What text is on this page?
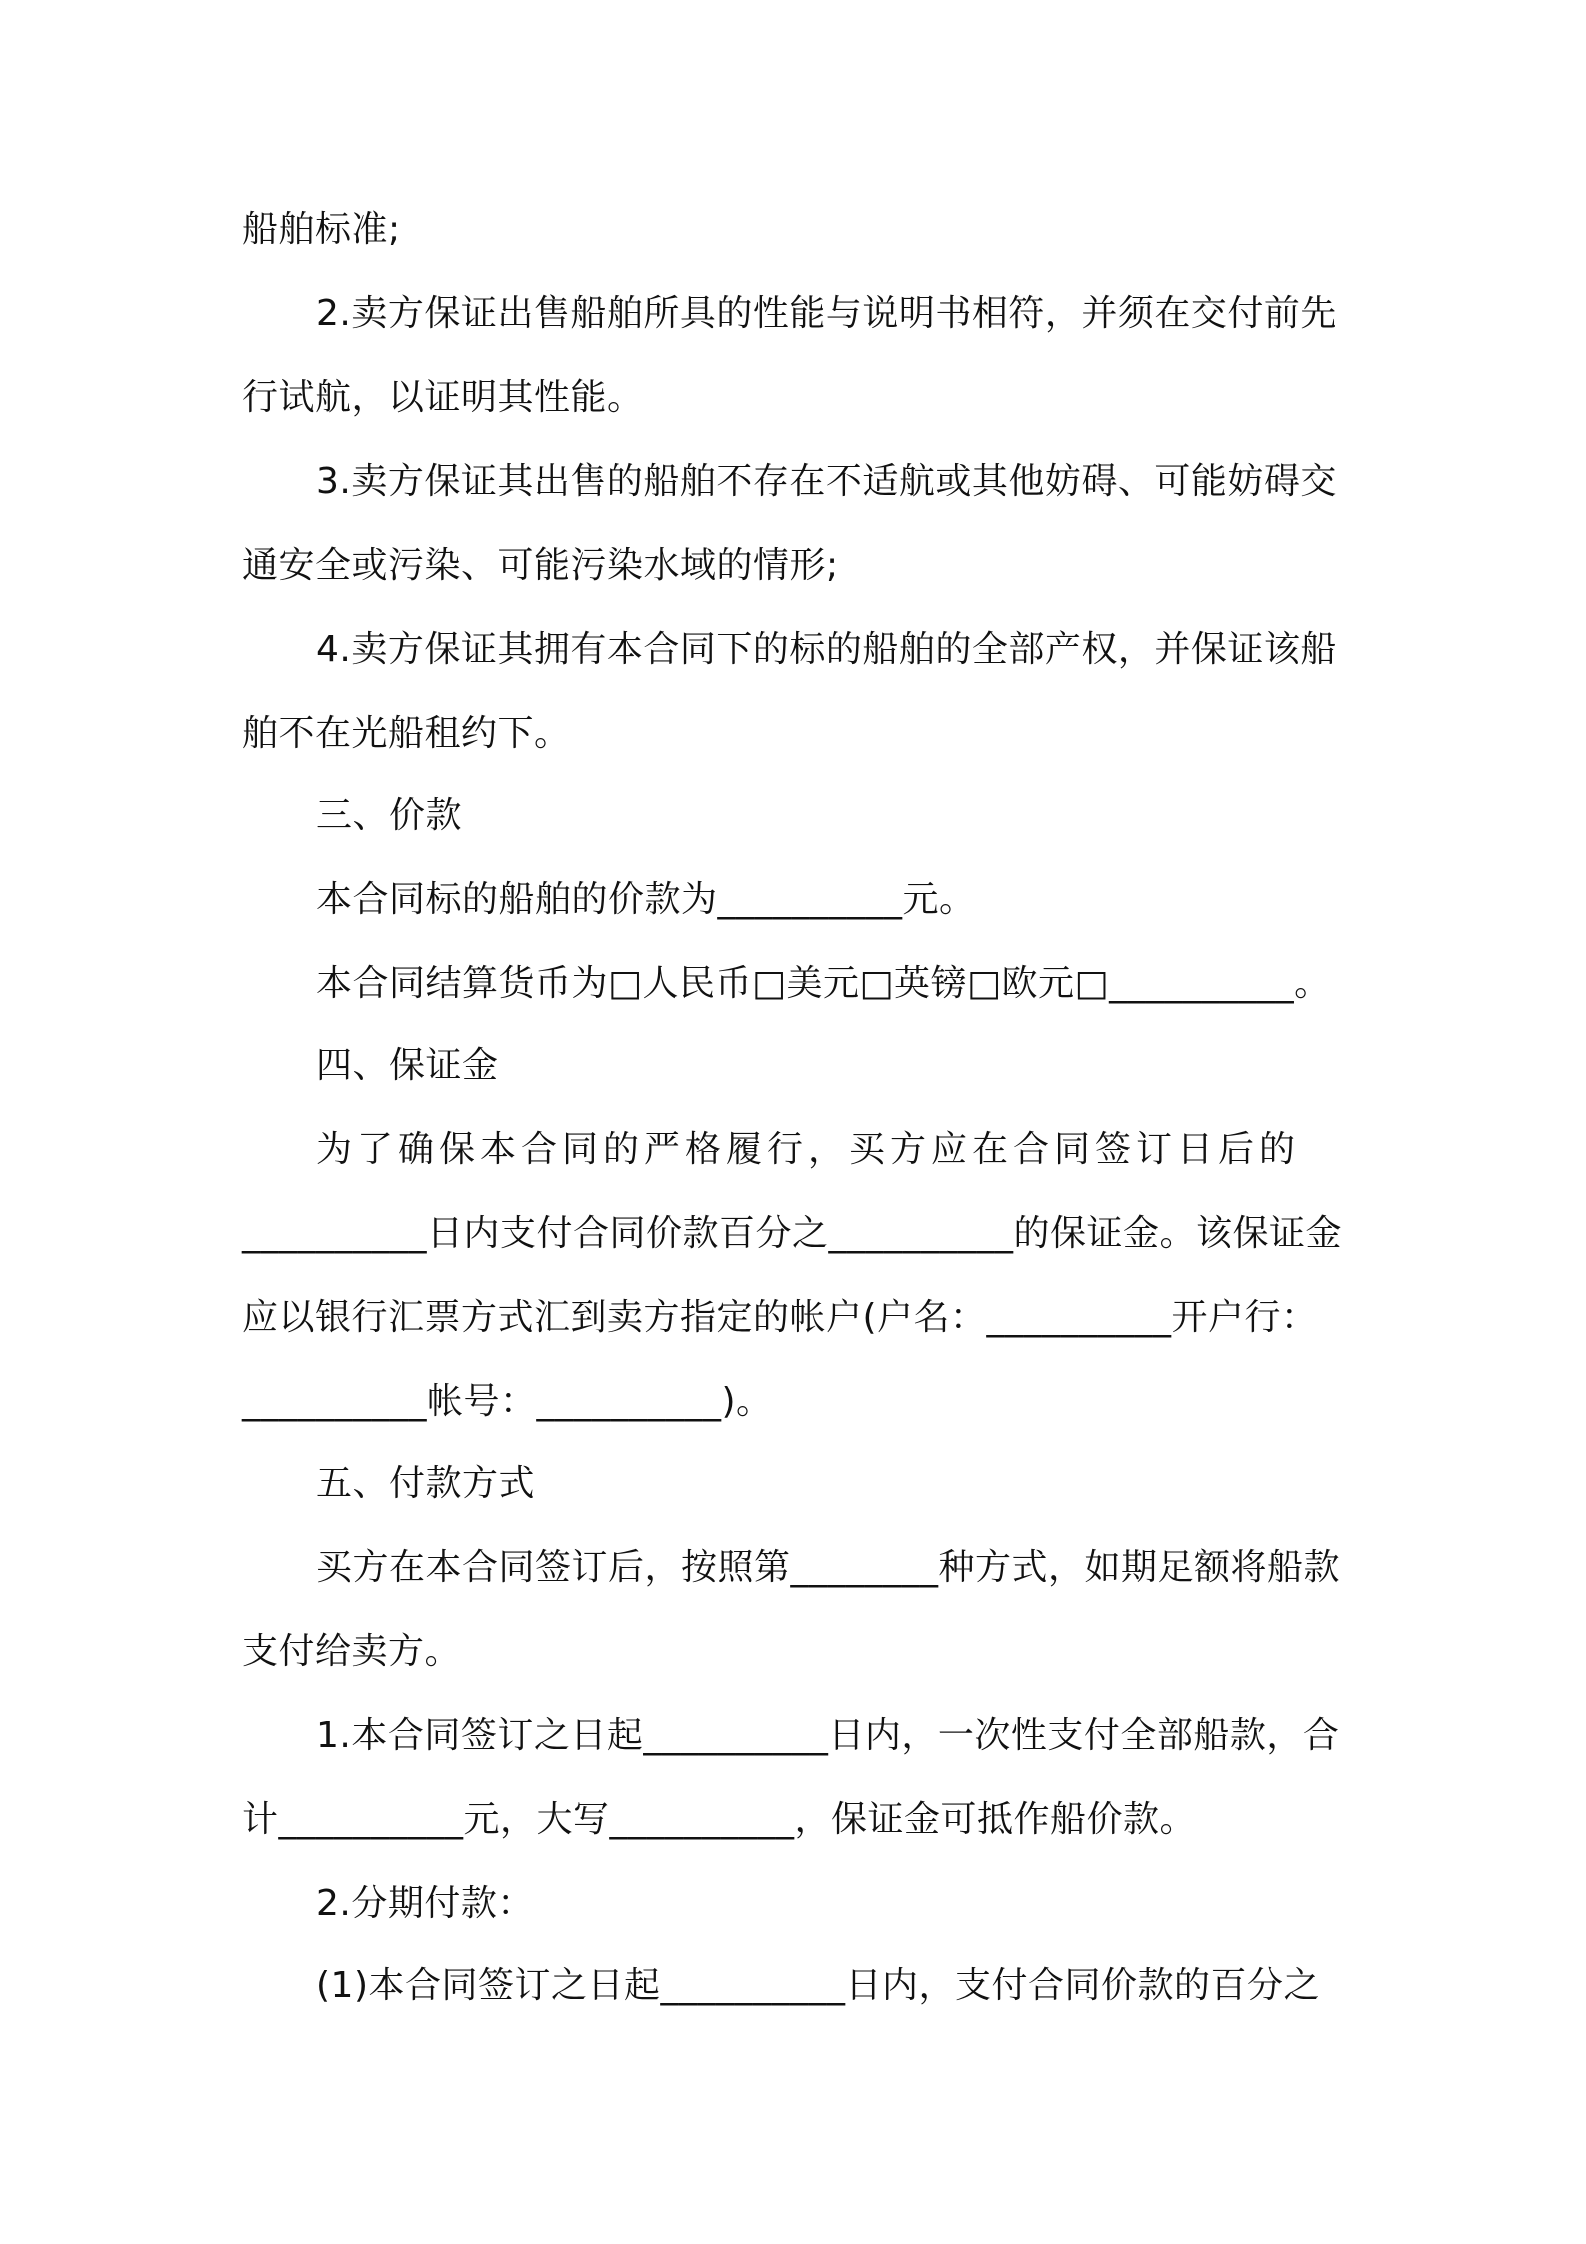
船舶标准;
2.卖方保证出售船舶所具的性能与说明书相符，并须在交付前先
行试航，以证明其性能。
3.卖方保证其出售的船舶不存在不适航或其他妨碍、可能妨碍交
通安全或污染、可能污染水域的情形;
4.卖方保证其拥有本合同下的标的船舶的全部产权，并保证该船
舶不在光船租约下。
三、价款
本合同标的船舶的价款为__________元。
本合同结算货币为□人民币□美元□英镑□欧元□__________。
四、保证金
为了确保本合同的严格履行，买方应在合同签订日后的
__________日内支付合同价款百分之__________的保证金。该保证金
应以银行汇票方式汇到卖方指定的帐户(户名：__________开户行：
__________帐号：__________)。
五、付款方式
买方在本合同签订后，按照第________种方式，如期足额将船款
支付给卖方。
1.本合同签订之日起__________日内，一次性支付全部船款，合
计__________元，大写__________，保证金可抵作船价款。
2.分期付款：
(1)本合同签订之日起__________日内，支付合同价款的百分之
